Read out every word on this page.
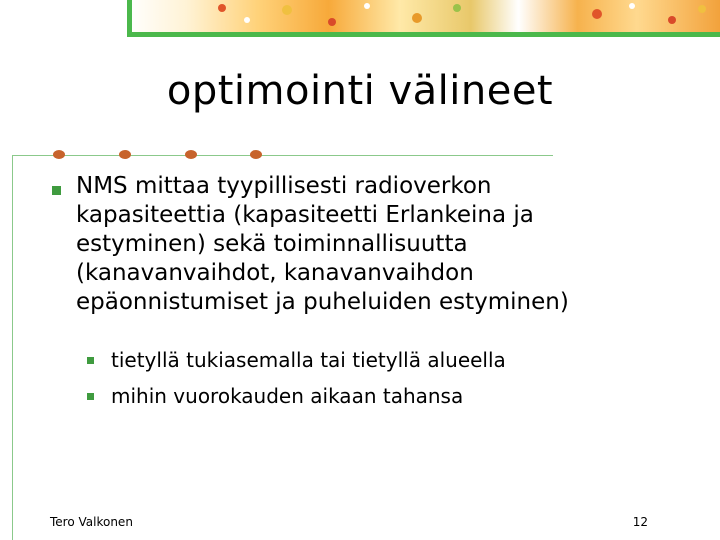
optimointi välineet
NMS mittaa tyypillisesti radioverkon
kapasiteettia (kapasiteetti Erlankeina ja
estyminen) sekä toiminnallisuutta
(kanavanvaihdot, kanavanvaihdon
epäonnistumiset ja puheluiden estyminen)
tietyllä tukiasemalla tai tietyllä alueella
mihin vuorokauden aikaan tahansa
Tero Valkonen	12
